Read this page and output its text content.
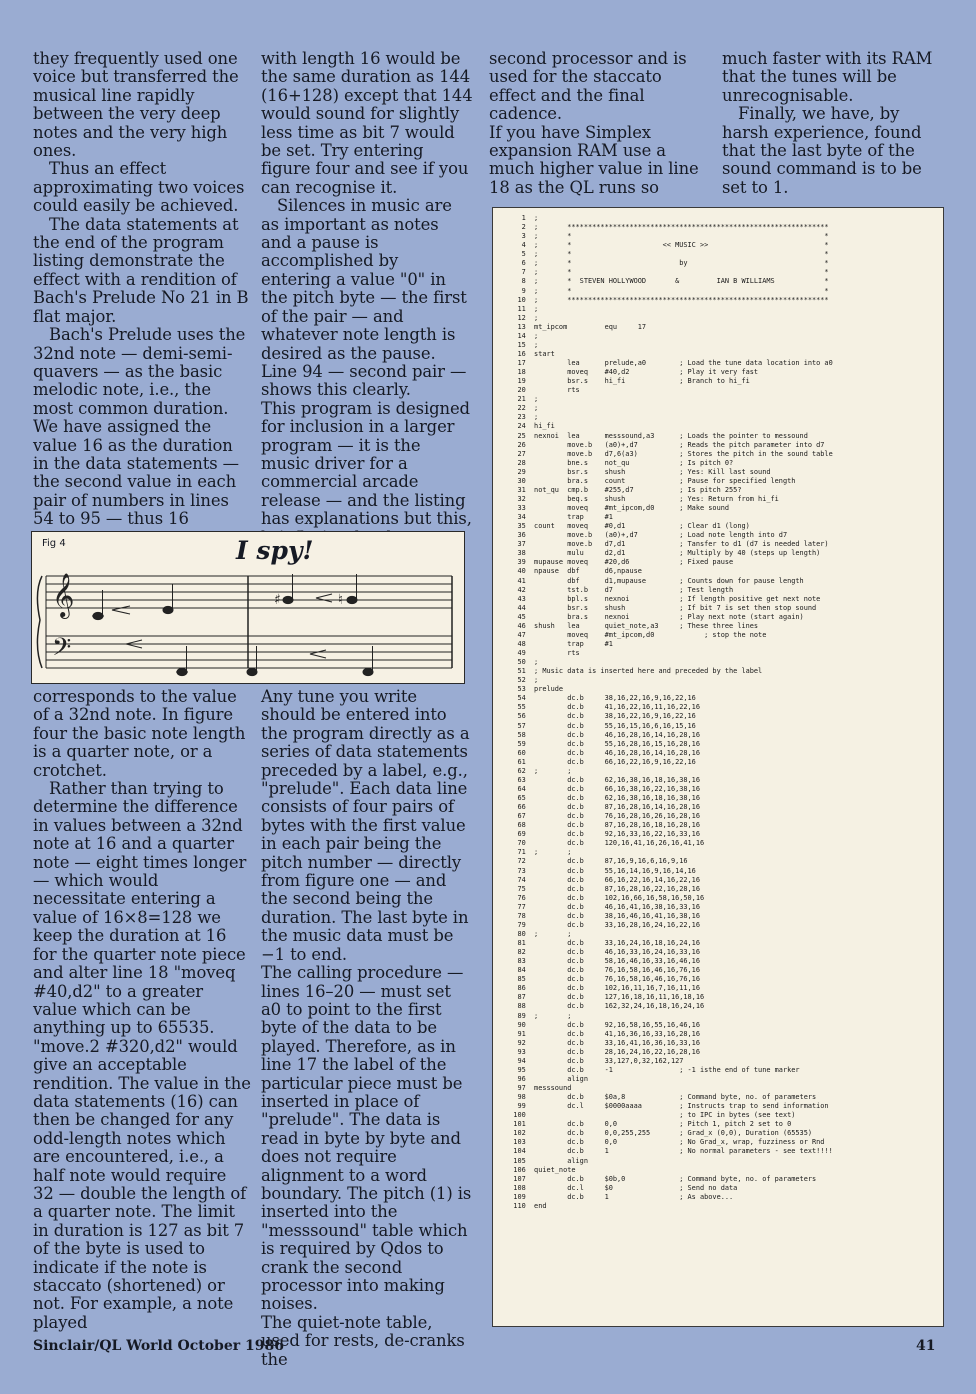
they frequently used one voice but transferred the musical line rapidly between the very deep notes and the very high ones.

Thus an effect approximating two voices could easily be achieved.

The data statements at the end of the program listing demonstrate the effect with a rendition of Bach's Prelude No 21 in B flat major.

Bach's Prelude uses the 32nd note — demi-semi-quavers — as the basic melodic note, i.e., the most common duration. We have assigned the value 16 as the duration in the data statements — the second value in each pair of numbers in lines 54 to 95 — thus 16

with length 16 would be the same duration as 144 (16+128) except that 144 would sound for slightly less time as bit 7 would be set. Try entering figure four and see if you can recognise it.

Silences in music are as important as notes and a pause is accomplished by entering a value "0" in the pitch byte — the first of the pair — and whatever note length is desired as the pause. Line 94 — second pair — shows this clearly.

This program is designed for inclusion in a larger program — it is the music driver for a commercial arcade release — and the listing has explanations but this,

second processor and is used for the staccato effect and the final cadence.

If you have Simplex expansion RAM use a much higher value in line 18 as the QL runs so

much faster with its RAM that the tunes will be unrecognisable.

Finally, we have, by harsh experience, found that the last byte of the sound command is to be set to 1.

Fig 4	I spy!
𝄞
𝄢
♯	♮

corresponds to the value of a 32nd note. In figure four the basic note length is a quarter note, or a crotchet.

Rather than trying to determine the difference in values between a 32nd note at 16 and a quarter note — eight times longer — which would necessitate entering a value of 16×8=128 we keep the duration at 16 for the quarter note piece and alter line 18 "moveq #40,d2" to a greater value which can be anything up to 65535. "move.2 #320,d2" would give an acceptable rendition. The value in the data statements (16) can then be changed for any odd-length notes which are encountered, i.e., a half note would require 32 — double the length of a quarter note. The limit in duration is 127 as bit 7 of the byte is used to indicate if the note is staccato (shortened) or not. For example, a note played

Any tune you write should be entered into the program directly as a series of data statements preceded by a label, e.g., "prelude". Each data line consists of four pairs of bytes with the first value in each pair being the pitch number — directly from figure one — and the second being the duration. The last byte in the music data must be −1 to end.

The calling procedure — lines 16–20 — must set a0 to point to the first byte of the data to be played. Therefore, as in line 17 the label of the particular piece must be inserted in place of "prelude". The data is read in byte by byte and does not require alignment to a word boundary. The pitch (1) is inserted into the "messsound" table which is required by Qdos to crank the second processor into making noises.

The quiet-note table, used for rests, de-cranks the

1  ;
2  ;       ***************************************************************
3  ;       *                                                             *
4  ;       *                      << MUSIC >>                            *
5  ;       *                                                             *
6  ;       *                          by                                 *
7  ;       *                                                             *
8  ;       *  STEVEN HOLLYWOOD       &         IAN B WILLIAMS            *
9  ;       *                                                             *
10  ;       ***************************************************************
11  ;
12  ;
13  mt_ipcom         equ     17
14  ;
15  ;
16  start
17          lea      prelude,a0        ; Load the tune data location into a0
18          moveq    #40,d2            ; Play it very fast
19          bsr.s    hi_fi             ; Branch to hi_fi
20          rts
21  ;
22  ;
23  ;
24  hi_fi
25  nexnoi  lea      messsound,a3      ; Loads the pointer to messound
26          move.b   (a0)+,d7          ; Reads the pitch parameter into d7
27          move.b   d7,6(a3)          ; Stores the pitch in the sound table
28          bne.s    not_qu            ; Is pitch 0?
29          bsr.s    shush             ; Yes: Kill last sound
30          bra.s    count             ; Pause for specified length
31  not_qu  cmp.b    #255,d7           ; Is pitch 255?
32          beq.s    shush             ; Yes: Return from hi_fi
33          moveq    #mt_ipcom,d0      ; Make sound
34          trap     #1
35  count   moveq    #0,d1             ; Clear d1 (long)
36          move.b   (a0)+,d7          ; Load note length into d7
37          move.b   d7,d1             ; Tansfer to d1 (d7 is needed later)
38          mulu     d2,d1             ; Multiply by 40 (steps up length)
39  mupause moveq    #20,d6            ; Fixed pause
40  npause  dbf      d6,npause
41          dbf      d1,mupause        ; Counts down for pause length
42          tst.b    d7                ; Test length
43          bpl.s    nexnoi            ; If length positive get next note
44          bsr.s    shush             ; If bit 7 is set then stop sound
45          bra.s    nexnoi            ; Play next note (start again)
46  shush   lea      quiet_note,a3     ; These three lines
47          moveq    #mt_ipcom,d0            ; stop the note
48          trap     #1
49          rts
50  ;
51  ; Music data is inserted here and preceded by the label
52  ;
53  prelude
54          dc.b     38,16,22,16,9,16,22,16
55          dc.b     41,16,22,16,11,16,22,16
56          dc.b     38,16,22,16,9,16,22,16
57          dc.b     55,16,15,16,6,16,15,16
58          dc.b     46,16,28,16,14,16,28,16
59          dc.b     55,16,28,16,15,16,28,16
60          dc.b     46,16,28,16,14,16,28,16
61          dc.b     66,16,22,16,9,16,22,16
62  ;       ;
63          dc.b     62,16,38,16,18,16,38,16
64          dc.b     66,16,38,16,22,16,38,16
65          dc.b     62,16,38,16,18,16,38,16
66          dc.b     87,16,28,16,14,16,28,16
67          dc.b     76,16,28,16,26,16,28,16
68          dc.b     87,16,28,16,18,16,28,16
69          dc.b     92,16,33,16,22,16,33,16
70          dc.b     120,16,41,16,26,16,41,16
71  ;       ;
72          dc.b     87,16,9,16,6,16,9,16
73          dc.b     55,16,14,16,9,16,14,16
74          dc.b     66,16,22,16,14,16,22,16
75          dc.b     87,16,28,16,22,16,28,16
76          dc.b     102,16,66,16,58,16,50,16
77          dc.b     46,16,41,16,38,16,33,16
78          dc.b     38,16,46,16,41,16,38,16
79          dc.b     33,16,28,16,24,16,22,16
80  ;       ;
81          dc.b     33,16,24,16,18,16,24,16
82          dc.b     46,16,33,16,24,16,33,16
83          dc.b     58,16,46,16,33,16,46,16
84          dc.b     76,16,58,16,46,16,76,16
85          dc.b     76,16,58,16,46,16,76,16
86          dc.b     102,16,11,16,7,16,11,16
87          dc.b     127,16,18,16,11,16,18,16
88          dc.b     162,32,24,16,18,16,24,16
89  ;       ;
90          dc.b     92,16,58,16,55,16,46,16
91          dc.b     41,16,36,16,33,16,28,16
92          dc.b     33,16,41,16,36,16,33,16
93          dc.b     28,16,24,16,22,16,28,16
94          dc.b     33,127,0,32,162,127
95          dc.b     -1                ; -1 isthe end of tune marker
96          align
97  messsound
98          dc.b     $0a,8             ; Command byte, no. of parameters
99          dc.l     $0000aaaa         ; Instructs trap to send information
100                                     ; to IPC in bytes (see text)
101          dc.b     0,0               ; Pitch 1, pitch 2 set to 0
102          dc.b     0,0,255,255       ; Grad_x (0,0), Duration (65535)
103          dc.b     0,0               ; No Grad_x, wrap, fuzziness or Rnd
104          dc.b     1                 ; No normal parameters - see text!!!!
105          align
106  quiet_note
107          dc.b     $0b,0             ; Command byte, no. of parameters
108          dc.l     $0                ; Send no data
109          dc.b     1                 ; As above...
110  end
Sinclair/QL World October 1986	41
